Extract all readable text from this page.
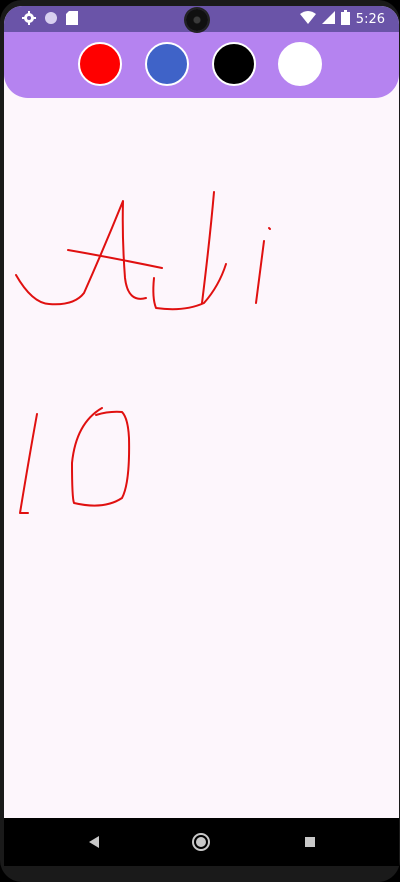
5:26
